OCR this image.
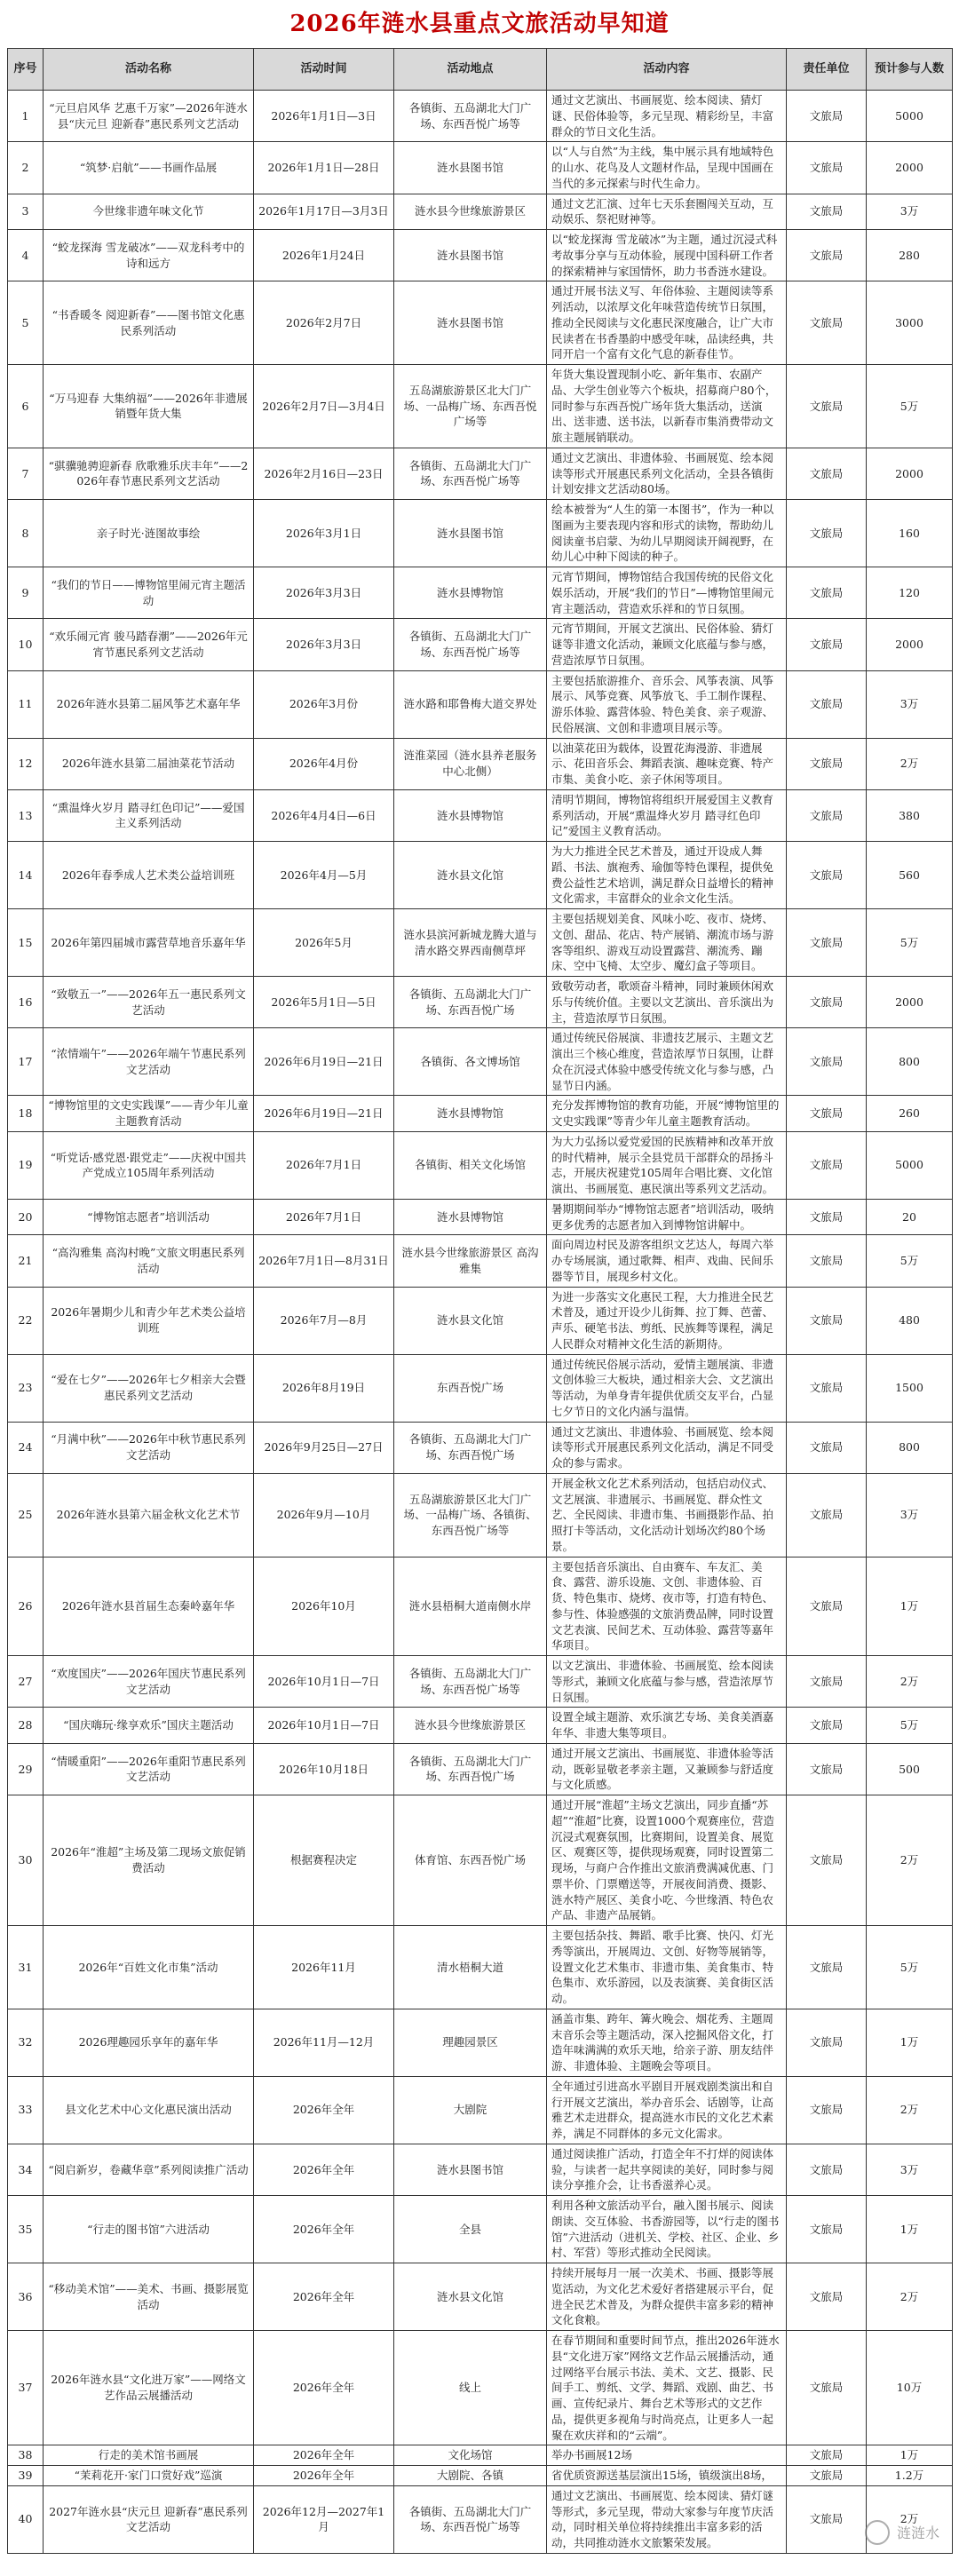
2026年涟水县重点文旅活动早知道
序号	活动名称	活动时间	活动地点	活动内容	责任单位	预计参与人数
1	“元旦启风华 艺惠千万家”—2026年涟水县“庆元旦 迎新春”惠民系列文艺活动	2026年1月1日—3日	各镇街、五岛湖北大门广场、东西吾悦广场等	通过文艺演出、书画展览、绘本阅读、猜灯谜、民俗体验等，多元呈现、精彩纷呈，丰富群众的节日文化生活。	文旅局	5000
2	“筑梦·启航”——书画作品展	2026年1月1日—28日	涟水县图书馆	以“人与自然”为主线，集中展示具有地域特色的山水、花鸟及人文题材作品，呈现中国画在当代的多元探索与时代生命力。	文旅局	2000
3	今世缘非遗年味文化节	2026年1月17日—3月3日	涟水县今世缘旅游景区	通过文艺汇演、过年七天乐套圈闯关互动，互动娱乐、祭祀财神等。	文旅局	3万
4	“蛟龙探海 雪龙破冰”——双龙科考中的诗和远方	2026年1月24日	涟水县图书馆	以“蛟龙探海 雪龙破冰”为主题，通过沉浸式科考故事分享与互动体验，展现中国科研工作者的探索精神与家国情怀，助力书香涟水建设。	文旅局	280
5	“书香暖冬 阅迎新春”——图书馆文化惠民系列活动	2026年2月7日	涟水县图书馆	通过开展书法义写、年俗体验、主题阅读等系列活动，以浓厚文化年味营造传统节日氛围，推动全民阅读与文化惠民深度融合，让广大市民读者在书香墨韵中感受年味，品读经典，共同开启一个富有文化气息的新春佳节。	文旅局	3000
6	“万马迎春 大集纳福”——2026年非遗展销暨年货大集	2026年2月7日—3月4日	五岛湖旅游景区北大门广场、一品梅广场、东西吾悦广场等	年货大集设置现制小吃、新年集市、农副产品、大学生创业等六个板块，招募商户80个，同时参与东西吾悦广场年货大集活动，送演出、送非遗、送书法，以新春市集消费带动文旅主题展销联动。	文旅局	5万
7	“骐骥驰骋迎新春 欣歌雅乐庆丰年”——2026年春节惠民系列文艺活动	2026年2月16日—23日	各镇街、五岛湖北大门广场、东西吾悦广场等	通过文艺演出、非遗体验、书画展览、绘本阅读等形式开展惠民系列文化活动，全县各镇街计划安排文艺活动80场。	文旅局	2000
8	亲子时光·涟图故事绘	2026年3月1日	涟水县图书馆	绘本被誉为“人生的第一本图书”，作为一种以图画为主要表现内容和形式的读物，帮助幼儿阅读童书启蒙、为幼儿早期阅读开阔视野，在幼儿心中种下阅读的种子。	文旅局	160
9	“我们的节日——博物馆里闹元宵主题活动	2026年3月3日	涟水县博物馆	元宵节期间，博物馆结合我国传统的民俗文化娱乐活动，开展“我们的节日”—博物馆里闹元宵主题活动，营造欢乐祥和的节日氛围。	文旅局	120
10	“欢乐闹元宵 骏马踏春潮”——2026年元宵节惠民系列文艺活动	2026年3月3日	各镇街、五岛湖北大门广场、东西吾悦广场等	元宵节期间，开展文艺演出、民俗体验、猜灯谜等非遗文化活动，兼顾文化底蕴与参与感，营造浓厚节日氛围。	文旅局	2000
11	2026年涟水县第二届风筝艺术嘉年华	2026年3月份	涟水路和耶鲁梅大道交界处	主要包括旅游推介、音乐会、风筝表演、风筝展示、风筝竞赛、风筝放飞、手工制作课程、游乐体验、露营体验、特色美食、亲子观游、民俗展演、文创和非遗项目展示等。	文旅局	3万
12	2026年涟水县第二届油菜花节活动	2026年4月份	涟淮菜园（涟水县养老服务中心北侧）	以油菜花田为载体，设置花海漫游、非遗展示、花田音乐会、舞蹈表演、趣味竞赛、特产市集、美食小吃、亲子休闲等项目。	文旅局	2万
13	“熏温烽火岁月 踏寻红色印记”——爱国主义系列活动	2026年4月4日—6日	涟水县博物馆	清明节期间，博物馆将组织开展爱国主义教育系列活动，开展“熏温烽火岁月 踏寻红色印记”爱国主义教育活动。	文旅局	380
14	2026年春季成人艺术类公益培训班	2026年4月—5月	涟水县文化馆	为大力推进全民艺术普及，通过开设成人舞蹈、书法、旗袍秀、瑜伽等特色课程，提供免费公益性艺术培训，满足群众日益增长的精神文化需求，丰富群众的业余文化生活。	文旅局	560
15	2026年第四届城市露营草地音乐嘉年华	2026年5月	涟水县滨河新城龙腾大道与清水路交界西南侧草坪	主要包括规划美食、风味小吃、夜市、烧烤、文创、甜品、花店、特产展销、潮流市场与游客等组织、游戏互动设置露营、潮流秀、蹦床、空中飞椅、太空步、魔幻盒子等项目。	文旅局	5万
16	“致敬五一”——2026年五一惠民系列文艺活动	2026年5月1日—5日	各镇街、五岛湖北大门广场、东西吾悦广场	致敬劳动者，歌颂奋斗精神，同时兼顾休闲欢乐与传统价值。主要以文艺演出、音乐演出为主，营造浓厚节日氛围。	文旅局	2000
17	“浓情端午”——2026年端午节惠民系列文艺活动	2026年6月19日—21日	各镇街、各文博场馆	通过传统民俗展演、非遗技艺展示、主题文艺演出三个核心维度，营造浓厚节日氛围，让群众在沉浸式体验中感受传统文化与参与感，凸显节日内涵。	文旅局	800
18	“博物馆里的文史实践课”——青少年儿童主题教育活动	2026年6月19日—21日	涟水县博物馆	充分发挥博物馆的教育功能，开展“博物馆里的文史实践课”等青少年儿童主题教育活动。	文旅局	260
19	“听党话·感党恩·跟党走”——庆祝中国共产党成立105周年系列活动	2026年7月1日	各镇街、相关文化场馆	为大力弘扬以爱党爱国的民族精神和改革开放的时代精神，展示全县党员干部群众的昂扬斗志，开展庆祝建党105周年合唱比赛、文化馆演出、书画展览、惠民演出等系列文艺活动。	文旅局	5000
20	“博物馆志愿者”培训活动	2026年7月1日	涟水县博物馆	暑期期间举办“博物馆志愿者”培训活动，吸纳更多优秀的志愿者加入到博物馆讲解中。	文旅局	20
21	“高沟雅集 高沟村晚”文旅文明惠民系列活动	2026年7月1日—8月31日	涟水县今世缘旅游景区 高沟雅集	面向周边村民及游客组织文艺达人，每周六举办专场展演，通过歌舞、相声、戏曲、民间乐器等节目，展现乡村文化。	文旅局	5万
22	2026年暑期少儿和青少年艺术类公益培训班	2026年7月—8月	涟水县文化馆	为进一步落实文化惠民工程，大力推进全民艺术普及，通过开设少儿街舞、拉丁舞、芭蕾、声乐、硬笔书法、剪纸、民族舞等课程，满足人民群众对精神文化生活的新期待。	文旅局	480
23	“爱在七夕”——2026年七夕相亲大会暨惠民系列文艺活动	2026年8月19日	东西吾悦广场	通过传统民俗展示活动，爱情主题展演、非遗文创体验三大板块，通过相亲大会、文艺演出等活动，为单身青年提供优质交友平台，凸显七夕节日的文化内涵与温情。	文旅局	1500
24	“月满中秋”——2026年中秋节惠民系列文艺活动	2026年9月25日—27日	各镇街、五岛湖北大门广场、东西吾悦广场	通过文艺演出、非遗体验、书画展览、绘本阅读等形式开展惠民系列文化活动，满足不同受众的参与需求。	文旅局	800
25	2026年涟水县第六届金秋文化艺术节	2026年9月—10月	五岛湖旅游景区北大门广场、一品梅广场、各镇街、东西吾悦广场等	开展金秋文化艺术系列活动，包括启动仪式、文艺展演、非遗展示、书画展览、群众性文艺、全民阅读、非遗市集、书画摄影作品、拍照打卡等活动，文化活动计划场次约80个场景。	文旅局	3万
26	2026年涟水县首届生态秦岭嘉年华	2026年10月	涟水县梧桐大道南侧水岸	主要包括音乐演出、自由赛车、车友汇、美食、露营、游乐设施、文创、非遗体验、百货、特色集市、烧烤、夜市等，打造有特色、参与性、体验感强的文旅消费品牌，同时设置文艺表演、民间艺术、互动体验、露营等嘉年华项目。	文旅局	1万
27	“欢度国庆”——2026年国庆节惠民系列文艺活动	2026年10月1日—7日	各镇街、五岛湖北大门广场、东西吾悦广场等	以文艺演出、非遗体验、书画展览、绘本阅读等形式，兼顾文化底蕴与参与感，营造浓厚节日氛围。	文旅局	2万
28	“国庆嗨玩·缘享欢乐”国庆主题活动	2026年10月1日—7日	涟水县今世缘旅游景区	设置全域主题游、欢乐演艺专场、美食美酒嘉年华、非遗大集等项目。	文旅局	5万
29	“情暖重阳”——2026年重阳节惠民系列文艺活动	2026年10月18日	各镇街、五岛湖北大门广场、东西吾悦广场	通过开展文艺演出、书画展览、非遗体验等活动，既彰显敬老孝亲主题，又兼顾参与舒适度与文化质感。	文旅局	500
30	2026年“淮超”主场及第二现场文旅促销费活动	根据赛程决定	体育馆、东西吾悦广场	通过开展“淮超”主场文艺演出，同步直播“苏超”“淮超”比赛，设置1000个观赛座位，营造沉浸式观赛氛围，比赛期间，设置美食、展览区、观赛区等，提供现场观赛，同时设置第二现场，与商户合作推出文旅消费满减优惠、门票半价、门票赠送等，开展夜间消费、摄影、涟水特产展区、美食小吃、今世缘酒、特色农产品、非遗产品展销。	文旅局	2万
31	2026年“百姓文化市集”活动	2026年11月	清水梧桐大道	主要包括杂技、舞蹈、歌手比赛、快闪、灯光秀等演出，开展周边、文创、好物等展销等，设置文化艺术集市、非遗市集、美食集市、特色集市、欢乐游园，以及表演赛、美食街区活动。	文旅局	5万
32	2026理趣园乐享年的嘉年华	2026年11月—12月	理趣园景区	涵盖市集、跨年、篝火晚会、烟花秀、主题周末音乐会等主题活动，深入挖掘风俗文化，打造年味满满的欢乐天地，给亲子游、朋友结伴游、非遗体验、主题晚会等项目。	文旅局	1万
33	县文化艺术中心文化惠民演出活动	2026年全年	大剧院	全年通过引进高水平剧目开展戏剧类演出和自行开展文艺演出，举办音乐会、话剧等，让高雅艺术走进群众，提高涟水市民的文化艺术素养，满足不同群体的多元文化需求。	文旅局	2万
34	“阅启新岁，卷藏华章”系列阅读推广活动	2026年全年	涟水县图书馆	通过阅读推广活动，打造全年不打烊的阅读体验，与读者一起共享阅读的美好，同时参与阅读分享推介会，让书香滋养心灵。	文旅局	3万
35	“行走的图书馆”六进活动	2026年全年	全县	利用各种文旅活动平台，融入图书展示、阅读朗读、交互体验、书香游园等，以“行走的图书馆”六进活动（进机关、学校、社区、企业、乡村、军营）等形式推动全民阅读。	文旅局	1万
36	“移动美术馆”——美术、书画、摄影展览活动	2026年全年	涟水县文化馆	持续开展每月一展一次美术、书画、摄影等展览活动，为文化艺术爱好者搭建展示平台，促进全民艺术普及，为群众提供丰富多彩的精神文化食粮。	文旅局	2万
37	2026年涟水县“文化进万家”——网络文艺作品云展播活动	2026年全年	线上	在春节期间和重要时间节点，推出2026年涟水县“文化进万家”网络文艺作品云展播活动，通过网络平台展示书法、美术、文艺、摄影、民间手工、剪纸、文学、舞蹈、戏剧、曲艺、书画、宣传纪录片、舞台艺术等形式的文艺作品，提供更多视角与时尚亮点，让更多人一起聚在欢庆祥和的“云端”。	文旅局	10万
38	行走的美术馆书画展	2026年全年	文化场馆	举办书画展12场	文旅局	1万
39	“茉莉花开·家门口赏好戏”巡演	2026年全年	大剧院、各镇	省优质资源送基层演出15场，镇级演出8场，	文旅局	1.2万
40	2027年涟水县“庆元旦 迎新春”惠民系列文艺活动	2026年12月—2027年1月	各镇街、五岛湖北大门广场、东西吾悦广场等	通过文艺演出、书画展览、绘本阅读、猜灯谜等形式，多元呈现，带动大家参与年度节庆活动，同时相关单位将持续推出丰富多彩的活动，共同推动涟水文旅繁荣发展。	文旅局	2万
涟涟水
